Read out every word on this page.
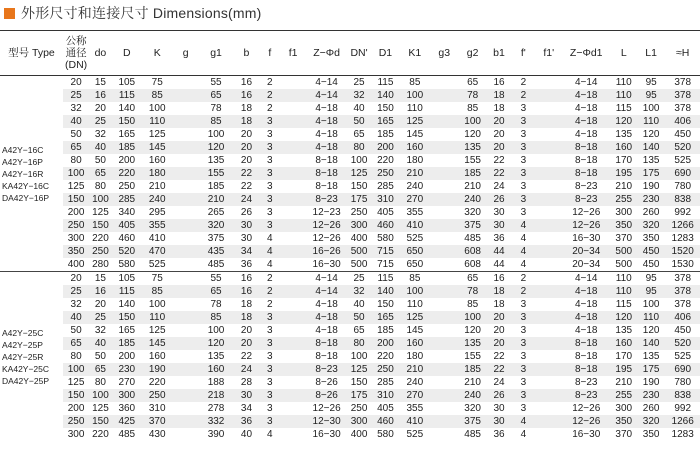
外形尺寸和连接尺寸 Dimensions(mm)
型号 Type	公称 通径 (DN)	do	D	K	g	g1	b	f	f1	Z−Φd	DN'	D1	K1	g3	g2	b1	f'	f1'	Z−Φd1	L	L1	≈H

A42Y−16C
A42Y−16P
A42Y−16R
KA42Y−16C
DA42Y−16P	20	15	105	75		55	16	2		4−14	25	115	85		65	16	2		4−14	110	95	378
	25	16	115	85		65	16	2		4−14	32	140	100		78	18	2		4−18	110	95	378
	32	20	140	100		78	18	2		4−18	40	150	110		85	18	3		4−18	115	100	378
	40	25	150	110		85	18	3		4−18	50	165	125		100	20	3		4−18	120	110	406
	50	32	165	125		100	20	3		4−18	65	185	145		120	20	3		4−18	135	120	450
	65	40	185	145		120	20	3		4−18	80	200	160		135	20	3		8−18	160	140	520
	80	50	200	160		135	20	3		8−18	100	220	180		155	22	3		8−18	170	135	525
	100	65	220	180		155	22	3		8−18	125	250	210		185	22	3		8−18	195	175	690
	125	80	250	210		185	22	3		8−18	150	285	240		210	24	3		8−23	210	190	780
	150	100	285	240		210	24	3		8−23	175	310	270		240	26	3		8−23	255	230	838
	200	125	340	295		265	26	3		12−23	250	405	355		320	30	3		12−26	300	260	992
	250	150	405	355		320	30	3		12−26	300	460	410		375	30	4		12−26	350	320	1266
	300	220	460	410		375	30	4		12−26	400	580	525		485	36	4		16−30	370	350	1283
	350	250	520	470		435	34	4		16−26	500	715	650		608	44	4		20−34	500	450	1520
	400	280	580	525		485	36	4		16−30	500	715	650		608	44	4		20−34	500	450	1530

A42Y−25C
A42Y−25P
A42Y−25R
KA42Y−25C
DA42Y−25P	20	15	105	75		55	16	2		4−14	25	115	85		65	16	2		4−14	110	95	378
	25	16	115	85		65	16	2		4−14	32	140	100		78	18	2		4−18	110	95	378
	32	20	140	100		78	18	2		4−18	40	150	110		85	18	3		4−18	115	100	378
	40	25	150	110		85	18	3		4−18	50	165	125		100	20	3		4−18	120	110	406
	50	32	165	125		100	20	3		4−18	65	185	145		120	20	3		4−18	135	120	450
	65	40	185	145		120	20	3		8−18	80	200	160		135	20	3		8−18	160	140	520
	80	50	200	160		135	22	3		8−18	100	220	180		155	22	3		8−18	170	135	525
	100	65	230	190		160	24	3		8−23	125	250	210		185	22	3		8−18	195	175	690
	125	80	270	220		188	28	3		8−26	150	285	240		210	24	3		8−23	210	190	780
	150	100	300	250		218	30	3		8−26	175	310	270		240	26	3		8−23	255	230	838
	200	125	360	310		278	34	3		12−26	250	405	355		320	30	3		12−26	300	260	992
	250	150	425	370		332	36	3		12−30	300	460	410		375	30	4		12−26	350	320	1266
	300	220	485	430		390	40	4		16−30	400	580	525		485	36	4		16−30	370	350	1283
